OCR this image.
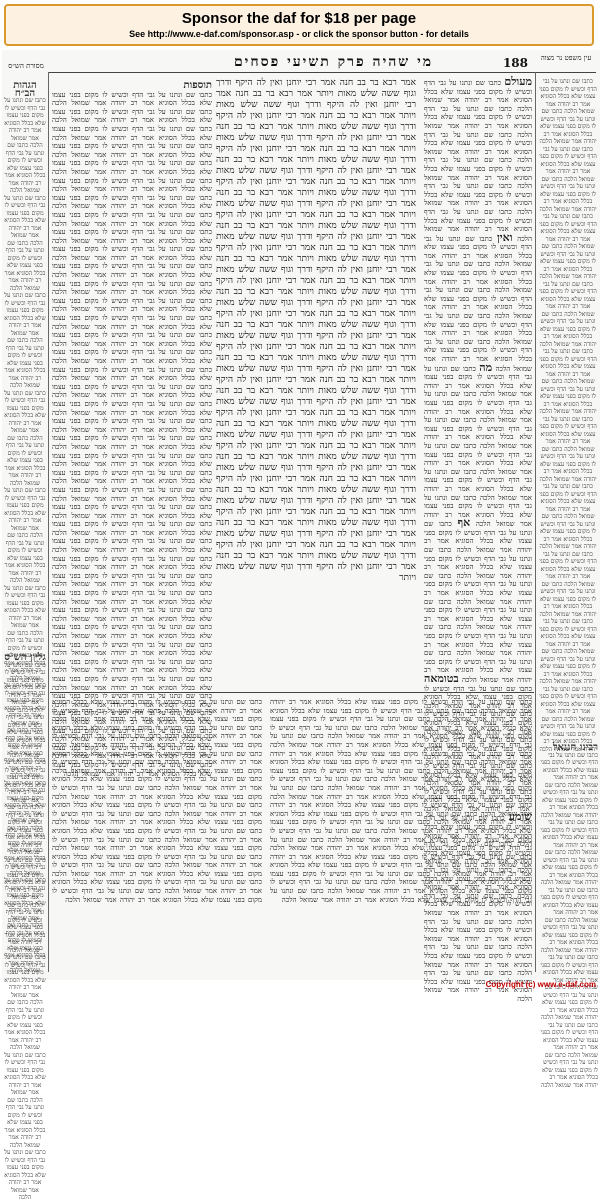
Sponsor the daf for $18 per page
See http://www.e-daf.com/sponsor.asp - or click the sponsor button - for details
עין משפט נר מצוה
188
מי שהיה פרק תשיעי פסחים
מסורת הש״ס
הגהות הב״ח
כתבו שם ונתנו על גבי הדף וכשיש לו מקום בפני עצמו שלא בכלל הסוגיא אמר רב יהודה אמר שמואל הלכה כתבו שם ונתנו על גבי הדף וכשיש לו מקום בפני עצמו שלא בכלל הסוגיא אמר רב יהודה אמר שמואל הלכה כתבו שם ונתנו על גבי הדף וכשיש לו מקום בפני עצמו שלא בכלל הסוגיא אמר רב יהודה אמר שמואל הלכה כתבו שם ונתנו על גבי הדף וכשיש לו מקום בפני עצמו שלא בכלל הסוגיא אמר רב יהודה אמר שמואל הלכה כתבו שם ונתנו על גבי הדף וכשיש לו מקום בפני עצמו שלא בכלל הסוגיא אמר רב יהודה אמר שמואל הלכה כתבו שם ונתנו על גבי הדף וכשיש לו מקום בפני עצמו שלא בכלל הסוגיא אמר רב יהודה אמר שמואל הלכה כתבו שם ונתנו על גבי הדף וכשיש לו מקום בפני עצמו שלא בכלל הסוגיא אמר רב יהודה אמר שמואל הלכה כתבו שם ונתנו על גבי הדף וכשיש לו מקום בפני עצמו שלא בכלל הסוגיא אמר רב יהודה אמר שמואל הלכה כתבו שם ונתנו על גבי הדף וכשיש לו מקום בפני עצמו שלא בכלל הסוגיא אמר רב יהודה אמר שמואל הלכה כתבו שם ונתנו על גבי הדף וכשיש לו מקום בפני עצמו שלא בכלל הסוגיא אמר רב יהודה אמר שמואל הלכה כתבו שם ונתנו על גבי הדף וכשיש לו מקום בפני עצמו שלא בכלל הסוגיא אמר רב יהודה אמר שמואל הלכה כתבו שם ונתנו על גבי הדף וכשיש לו מקום בפני עצמו שלא בכלל הסוגיא אמר רב יהודה אמר שמואל הלכה כתבו שם ונתנו על גבי הדף וכשיש לו מקום בפני עצמו שלא בכלל הסוגיא אמר רב יהודה אמר שמואל הלכה כתבו שם ונתנו על גבי הדף וכשיש לו מקום בפני עצמו שלא בכלל הסוגיא אמר רב יהודה אמר שמואל הלכה כתבו שם ונתנו על גבי הדף וכשיש לו מקום בפני עצמו שלא בכלל הסוגיא אמר רב יהודה אמר שמואל הלכה כתבו שם ונתנו על גבי הדף וכשיש לו מקום בפני עצמו שלא בכלל הסוגיא אמר רב יהודה אמר שמואל הלכה כתבו שם ונתנו על גבי הדף וכשיש לו מקום בפני עצמו שלא בכלל הסוגיא אמר רב יהודה אמר שמואל הלכה כתבו שם ונתנו על גבי הדף וכשיש לו מקום בפני עצמו שלא בכלל הסוגיא אמר רב יהודה אמר שמואל הלכה
גליון הש״ס
כתבו שם ונתנו על גבי הדף וכשיש לו מקום בפני עצמו שלא בכלל הסוגיא אמר רב יהודה אמר שמואל הלכה כתבו שם ונתנו על גבי הדף וכשיש לו מקום בפני עצמו שלא בכלל הסוגיא אמר רב יהודה אמר שמואל הלכה כתבו שם ונתנו על גבי הדף וכשיש לו מקום בפני עצמו שלא בכלל הסוגיא אמר רב יהודה אמר שמואל הלכה כתבו שם ונתנו על גבי הדף וכשיש לו מקום בפני עצמו שלא בכלל הסוגיא אמר רב יהודה אמר שמואל הלכה כתבו שם ונתנו על גבי הדף וכשיש לו מקום בפני עצמו שלא בכלל הסוגיא אמר רב יהודה אמר שמואל הלכה כתבו שם ונתנו על גבי הדף וכשיש לו מקום בפני עצמו שלא בכלל הסוגיא אמר רב יהודה אמר שמואל הלכה כתבו שם ונתנו על גבי הדף וכשיש לו מקום בפני עצמו שלא בכלל הסוגיא אמר רב יהודה אמר שמואל הלכה כתבו שם ונתנו על גבי הדף וכשיש לו מקום בפני עצמו שלא בכלל הסוגיא אמר רב יהודה אמר שמואל הלכה כתבו שם ונתנו על גבי הדף וכשיש לו מקום בפני עצמו שלא בכלל הסוגיא אמר רב יהודה אמר שמואל הלכה כתבו שם ונתנו על גבי הדף וכשיש לו מקום בפני עצמו שלא בכלל הסוגיא אמר רב יהודה אמר שמואל הלכה כתבו שם ונתנו על גבי הדף וכשיש לו מקום בפני עצמו שלא בכלל הסוגיא אמר רב יהודה אמר שמואל הלכה
כתבו שם ונתנו על גבי הדף וכשיש לו מקום בפני עצמו שלא בכלל הסוגיא אמר רב יהודה אמר שמואל הלכה כתבו שם ונתנו על גבי הדף וכשיש לו מקום בפני עצמו שלא בכלל הסוגיא אמר רב יהודה אמר שמואל הלכה כתבו שם ונתנו על גבי הדף וכשיש לו מקום בפני עצמו שלא בכלל הסוגיא אמר רב יהודה אמר שמואל הלכה כתבו שם ונתנו על גבי הדף וכשיש לו מקום בפני עצמו שלא בכלל הסוגיא אמר רב יהודה אמר שמואל הלכה כתבו שם ונתנו על גבי הדף וכשיש לו מקום בפני עצמו שלא בכלל הסוגיא אמר רב יהודה אמר שמואל הלכה כתבו שם ונתנו על גבי הדף וכשיש לו מקום בפני עצמו שלא בכלל הסוגיא אמר רב יהודה אמר שמואל הלכה כתבו שם ונתנו על גבי הדף וכשיש לו מקום בפני עצמו שלא בכלל הסוגיא אמר רב יהודה אמר שמואל הלכה כתבו שם ונתנו על גבי הדף וכשיש לו מקום בפני עצמו שלא בכלל הסוגיא אמר רב יהודה אמר שמואל הלכה כתבו שם ונתנו על גבי הדף וכשיש לו מקום בפני עצמו שלא בכלל הסוגיא אמר רב יהודה אמר שמואל הלכה כתבו שם ונתנו על גבי הדף וכשיש לו מקום בפני עצמו שלא בכלל הסוגיא אמר רב יהודה אמר שמואל הלכה כתבו שם ונתנו על גבי הדף וכשיש לו מקום בפני עצמו שלא בכלל הסוגיא אמר רב יהודה אמר שמואל הלכה כתבו שם ונתנו על גבי הדף וכשיש לו מקום בפני עצמו שלא בכלל הסוגיא אמר רב יהודה אמר שמואל הלכה כתבו שם ונתנו על גבי הדף וכשיש לו מקום בפני עצמו שלא בכלל הסוגיא אמר רב יהודה אמר שמואל הלכה כתבו שם ונתנו על גבי הדף וכשיש לו מקום בפני עצמו שלא בכלל הסוגיא אמר רב יהודה אמר שמואל הלכה כתבו שם ונתנו על גבי הדף וכשיש לו מקום בפני עצמו שלא בכלל הסוגיא אמר רב יהודה אמר שמואל הלכה כתבו שם ונתנו על גבי הדף וכשיש לו מקום בפני עצמו שלא בכלל הסוגיא אמר רב יהודה אמר שמואל הלכה כתבו שם ונתנו על גבי הדף וכשיש לו מקום בפני עצמו שלא בכלל הסוגיא אמר רב יהודה אמר שמואל הלכה כתבו שם ונתנו על גבי הדף וכשיש לו מקום בפני עצמו שלא בכלל הסוגיא אמר רב יהודה אמר שמואל הלכה כתבו שם ונתנו על גבי הדף וכשיש לו מקום בפני עצמו שלא בכלל הסוגיא אמר רב יהודה אמר שמואל הלכה כתבו שם ונתנו על גבי הדף וכשיש לו מקום בפני עצמו שלא בכלל הסוגיא אמר רב יהודה אמר שמואל הלכה
רבינו חננאל
כתבו שם ונתנו על גבי הדף וכשיש לו מקום בפני עצמו שלא בכלל הסוגיא אמר רב יהודה אמר שמואל הלכה כתבו שם ונתנו על גבי הדף וכשיש לו מקום בפני עצמו שלא בכלל הסוגיא אמר רב יהודה אמר שמואל הלכה כתבו שם ונתנו על גבי הדף וכשיש לו מקום בפני עצמו שלא בכלל הסוגיא אמר רב יהודה אמר שמואל הלכה כתבו שם ונתנו על גבי הדף וכשיש לו מקום בפני עצמו שלא בכלל הסוגיא אמר רב יהודה אמר שמואל הלכה כתבו שם ונתנו על גבי הדף וכשיש לו מקום בפני עצמו שלא בכלל הסוגיא אמר רב יהודה אמר שמואל הלכה כתבו שם ונתנו על גבי הדף וכשיש לו מקום בפני עצמו שלא בכלל הסוגיא אמר רב יהודה אמר שמואל הלכה כתבו שם ונתנו על גבי הדף וכשיש לו מקום בפני עצמו שלא בכלל הסוגיא אמר רב יהודה אמר שמואל הלכה כתבו שם ונתנו על גבי הדף וכשיש לו מקום בפני עצמו שלא בכלל הסוגיא אמר רב יהודה אמר שמואל הלכה כתבו שם ונתנו על גבי הדף וכשיש לו מקום בפני עצמו שלא בכלל הסוגיא אמר רב יהודה אמר שמואל הלכה כתבו שם ונתנו על גבי הדף וכשיש לו מקום בפני עצמו שלא בכלל הסוגיא אמר רב יהודה אמר שמואל הלכה
מעולם כתבו שם ונתנו על גבי הדף וכשיש לו מקום בפני עצמו שלא בכלל הסוגיא אמר רב יהודה אמר שמואל הלכה כתבו שם ונתנו על גבי הדף וכשיש לו מקום בפני עצמו שלא בכלל הסוגיא אמר רב יהודה אמר שמואל הלכה כתבו שם ונתנו על גבי הדף וכשיש לו מקום בפני עצמו שלא בכלל הסוגיא אמר רב יהודה אמר שמואל הלכה כתבו שם ונתנו על גבי הדף וכשיש לו מקום בפני עצמו שלא בכלל הסוגיא אמר רב יהודה אמר שמואל הלכה כתבו שם ונתנו על גבי הדף וכשיש לו מקום בפני עצמו שלא בכלל הסוגיא אמר רב יהודה אמר שמואל הלכה כתבו שם ונתנו על גבי הדף וכשיש לו מקום בפני עצמו שלא בכלל הסוגיא אמר רב יהודה אמר שמואל הלכה ואין כתבו שם ונתנו על גבי הדף וכשיש לו מקום בפני עצמו שלא בכלל הסוגיא אמר רב יהודה אמר שמואל הלכה כתבו שם ונתנו על גבי הדף וכשיש לו מקום בפני עצמו שלא בכלל הסוגיא אמר רב יהודה אמר שמואל הלכה כתבו שם ונתנו על גבי הדף וכשיש לו מקום בפני עצמו שלא בכלל הסוגיא אמר רב יהודה אמר שמואל הלכה כתבו שם ונתנו על גבי הדף וכשיש לו מקום בפני עצמו שלא בכלל הסוגיא אמר רב יהודה אמר שמואל הלכה כתבו שם ונתנו על גבי הדף וכשיש לו מקום בפני עצמו שלא בכלל הסוגיא אמר רב יהודה אמר שמואל הלכה מה כתבו שם ונתנו על גבי הדף וכשיש לו מקום בפני עצמו שלא בכלל הסוגיא אמר רב יהודה אמר שמואל הלכה כתבו שם ונתנו על גבי הדף וכשיש לו מקום בפני עצמו שלא בכלל הסוגיא אמר רב יהודה אמר שמואל הלכה כתבו שם ונתנו על גבי הדף וכשיש לו מקום בפני עצמו שלא בכלל הסוגיא אמר רב יהודה אמר שמואל הלכה כתבו שם ונתנו על גבי הדף וכשיש לו מקום בפני עצמו שלא בכלל הסוגיא אמר רב יהודה אמר שמואל הלכה כתבו שם ונתנו על גבי הדף וכשיש לו מקום בפני עצמו שלא בכלל הסוגיא אמר רב יהודה אמר שמואל הלכה כתבו שם ונתנו על גבי הדף וכשיש לו מקום בפני עצמו שלא בכלל הסוגיא אמר רב יהודה אמר שמואל הלכה אף כתבו שם ונתנו על גבי הדף וכשיש לו מקום בפני עצמו שלא בכלל הסוגיא אמר רב יהודה אמר שמואל הלכה כתבו שם ונתנו על גבי הדף וכשיש לו מקום בפני עצמו שלא בכלל הסוגיא אמר רב יהודה אמר שמואל הלכה כתבו שם ונתנו על גבי הדף וכשיש לו מקום בפני עצמו שלא בכלל הסוגיא אמר רב יהודה אמר שמואל הלכה כתבו שם ונתנו על גבי הדף וכשיש לו מקום בפני עצמו שלא בכלל הסוגיא אמר רב יהודה אמר שמואל הלכה כתבו שם ונתנו על גבי הדף וכשיש לו מקום בפני עצמו שלא בכלל הסוגיא אמר רב יהודה אמר שמואל הלכה כתבו שם ונתנו על גבי הדף וכשיש לו מקום בפני עצמו שלא בכלל הסוגיא אמר רב יהודה אמר שמואל הלכה בטומאה כתבו שם ונתנו על גבי הדף וכשיש לו מקום בפני עצמו שלא בכלל הסוגיא אמר רב יהודה אמר שמואל הלכה כתבו שם ונתנו על גבי הדף וכשיש לו מקום בפני עצמו שלא בכלל הסוגיא אמר רב יהודה אמר שמואל הלכה כתבו שם ונתנו על גבי הדף וכשיש לו מקום בפני עצמו שלא בכלל הסוגיא אמר רב יהודה אמר שמואל הלכה כתבו שם ונתנו על גבי הדף וכשיש לו מקום בפני עצמו שלא בכלל הסוגיא אמר רב יהודה אמר שמואל הלכה כתבו שם ונתנו על גבי הדף וכשיש לו מקום בפני עצמו שלא בכלל הסוגיא אמר רב יהודה אמר שמואל הלכה שומע כתבו שם ונתנו על גבי הדף וכשיש לו מקום בפני עצמו שלא בכלל הסוגיא אמר רב יהודה אמר שמואל הלכה כתבו שם ונתנו על גבי הדף וכשיש לו מקום בפני עצמו שלא בכלל הסוגיא אמר רב יהודה אמר שמואל הלכה כתבו שם ונתנו על גבי הדף וכשיש לו מקום בפני עצמו שלא בכלל הסוגיא אמר רב יהודה אמר שמואל הלכה כתבו שם ונתנו על גבי הדף וכשיש לו מקום בפני עצמו שלא בכלל הסוגיא אמר רב יהודה אמר שמואל הלכה כתבו שם ונתנו על גבי הדף וכשיש לו מקום בפני עצמו שלא בכלל הסוגיא אמר רב יהודה אמר שמואל הלכה כתבו שם ונתנו על גבי הדף וכשיש לו מקום בפני עצמו שלא בכלל הסוגיא אמר רב יהודה אמר שמואל הלכה כתבו שם ונתנו על גבי הדף וכשיש לו מקום בפני עצמו שלא בכלל הסוגיא אמר רב יהודה אמר שמואל הלכה
אמר רבא בר בב חנה אמר רבי יוחנן ואין לה היקף ודרך וגוף ששה שלש מאות ויותר אמר רבא בר בב חנה אמר רבי יוחנן ואין לה היקף ודרך וגוף ששה שלש מאות ויותר אמר רבא בר בב חנה אמר רבי יוחנן ואין לה היקף ודרך וגוף ששה שלש מאות ויותר אמר רבא בר בב חנה אמר רבי יוחנן ואין לה היקף ודרך וגוף ששה שלש מאות ויותר אמר רבא בר בב חנה אמר רבי יוחנן ואין לה היקף ודרך וגוף ששה שלש מאות ויותר אמר רבא בר בב חנה אמר רבי יוחנן ואין לה היקף ודרך וגוף ששה שלש מאות ויותר אמר רבא בר בב חנה אמר רבי יוחנן ואין לה היקף ודרך וגוף ששה שלש מאות ויותר אמר רבא בר בב חנה אמר רבי יוחנן ואין לה היקף ודרך וגוף ששה שלש מאות ויותר אמר רבא בר בב חנה אמר רבי יוחנן ואין לה היקף ודרך וגוף ששה שלש מאות ויותר אמר רבא בר בב חנה אמר רבי יוחנן ואין לה היקף ודרך וגוף ששה שלש מאות ויותר אמר רבא בר בב חנה אמר רבי יוחנן ואין לה היקף ודרך וגוף ששה שלש מאות ויותר אמר רבא בר בב חנה אמר רבי יוחנן ואין לה היקף ודרך וגוף ששה שלש מאות ויותר אמר רבא בר בב חנה אמר רבי יוחנן ואין לה היקף ודרך וגוף ששה שלש מאות ויותר אמר רבא בר בב חנה אמר רבי יוחנן ואין לה היקף ודרך וגוף ששה שלש מאות ויותר אמר רבא בר בב חנה אמר רבי יוחנן ואין לה היקף ודרך וגוף ששה שלש מאות ויותר אמר רבא בר בב חנה אמר רבי יוחנן ואין לה היקף ודרך וגוף ששה שלש מאות ויותר אמר רבא בר בב חנה אמר רבי יוחנן ואין לה היקף ודרך וגוף ששה שלש מאות ויותר אמר רבא בר בב חנה אמר רבי יוחנן ואין לה היקף ודרך וגוף ששה שלש מאות ויותר אמר רבא בר בב חנה אמר רבי יוחנן ואין לה היקף ודרך וגוף ששה שלש מאות ויותר אמר רבא בר בב חנה אמר רבי יוחנן ואין לה היקף ודרך וגוף ששה שלש מאות ויותר אמר רבא בר בב חנה אמר רבי יוחנן ואין לה היקף ודרך וגוף ששה שלש מאות ויותר אמר רבא בר בב חנה אמר רבי יוחנן ואין לה היקף ודרך וגוף ששה שלש מאות ויותר אמר רבא בר בב חנה אמר רבי יוחנן ואין לה היקף ודרך וגוף ששה שלש מאות ויותר אמר רבא בר בב חנה אמר רבי יוחנן ואין לה היקף ודרך וגוף ששה שלש מאות ויותר אמר רבא בר בב חנה אמר רבי יוחנן ואין לה היקף ודרך וגוף ששה שלש מאות ויותר אמר רבא בר בב חנה אמר רבי יוחנן ואין לה היקף ודרך וגוף ששה שלש מאות ויותר אמר רבא בר בב חנה אמר רבי יוחנן ואין לה היקף ודרך וגוף ששה שלש מאות ויותר אמר רבא בר בב חנה אמר רבי יוחנן ואין לה היקף ודרך וגוף ששה שלש מאות ויותר אמר רבא בר בב חנה אמר רבי יוחנן ואין לה היקף ודרך וגוף ששה שלש מאות ויותר אמר רבא בר בב חנה אמר רבי יוחנן ואין לה היקף ודרך וגוף ששה שלש מאות ויותר
תוספות
כתבו שם ונתנו על גבי הדף וכשיש לו מקום בפני עצמו שלא בכלל הסוגיא אמר רב יהודה אמר שמואל הלכה כתבו שם ונתנו על גבי הדף וכשיש לו מקום בפני עצמו שלא בכלל הסוגיא אמר רב יהודה אמר שמואל הלכה כתבו שם ונתנו על גבי הדף וכשיש לו מקום בפני עצמו שלא בכלל הסוגיא אמר רב יהודה אמר שמואל הלכה כתבו שם ונתנו על גבי הדף וכשיש לו מקום בפני עצמו שלא בכלל הסוגיא אמר רב יהודה אמר שמואל הלכה כתבו שם ונתנו על גבי הדף וכשיש לו מקום בפני עצמו שלא בכלל הסוגיא אמר רב יהודה אמר שמואל הלכה כתבו שם ונתנו על גבי הדף וכשיש לו מקום בפני עצמו שלא בכלל הסוגיא אמר רב יהודה אמר שמואל הלכה כתבו שם ונתנו על גבי הדף וכשיש לו מקום בפני עצמו שלא בכלל הסוגיא אמר רב יהודה אמר שמואל הלכה כתבו שם ונתנו על גבי הדף וכשיש לו מקום בפני עצמו שלא בכלל הסוגיא אמר רב יהודה אמר שמואל הלכה כתבו שם ונתנו על גבי הדף וכשיש לו מקום בפני עצמו שלא בכלל הסוגיא אמר רב יהודה אמר שמואל הלכה כתבו שם ונתנו על גבי הדף וכשיש לו מקום בפני עצמו שלא בכלל הסוגיא אמר רב יהודה אמר שמואל הלכה כתבו שם ונתנו על גבי הדף וכשיש לו מקום בפני עצמו שלא בכלל הסוגיא אמר רב יהודה אמר שמואל הלכה כתבו שם ונתנו על גבי הדף וכשיש לו מקום בפני עצמו שלא בכלל הסוגיא אמר רב יהודה אמר שמואל הלכה כתבו שם ונתנו על גבי הדף וכשיש לו מקום בפני עצמו שלא בכלל הסוגיא אמר רב יהודה אמר שמואל הלכה כתבו שם ונתנו על גבי הדף וכשיש לו מקום בפני עצמו שלא בכלל הסוגיא אמר רב יהודה אמר שמואל הלכה כתבו שם ונתנו על גבי הדף וכשיש לו מקום בפני עצמו שלא בכלל הסוגיא אמר רב יהודה אמר שמואל הלכה כתבו שם ונתנו על גבי הדף וכשיש לו מקום בפני עצמו שלא בכלל הסוגיא אמר רב יהודה אמר שמואל הלכה כתבו שם ונתנו על גבי הדף וכשיש לו מקום בפני עצמו שלא בכלל הסוגיא אמר רב יהודה אמר שמואל הלכה כתבו שם ונתנו על גבי הדף וכשיש לו מקום בפני עצמו שלא בכלל הסוגיא אמר רב יהודה אמר שמואל הלכה כתבו שם ונתנו על גבי הדף וכשיש לו מקום בפני עצמו שלא בכלל הסוגיא אמר רב יהודה אמר שמואל הלכה כתבו שם ונתנו על גבי הדף וכשיש לו מקום בפני עצמו שלא בכלל הסוגיא אמר רב יהודה אמר שמואל הלכה כתבו שם ונתנו על גבי הדף וכשיש לו מקום בפני עצמו שלא בכלל הסוגיא אמר רב יהודה אמר שמואל הלכה כתבו שם ונתנו על גבי הדף וכשיש לו מקום בפני עצמו שלא בכלל הסוגיא אמר רב יהודה אמר שמואל הלכה כתבו שם ונתנו על גבי הדף וכשיש לו מקום בפני עצמו שלא בכלל הסוגיא אמר רב יהודה אמר שמואל הלכה כתבו שם ונתנו על גבי הדף וכשיש לו מקום בפני עצמו שלא בכלל הסוגיא אמר רב יהודה אמר שמואל הלכה כתבו שם ונתנו על גבי הדף וכשיש לו מקום בפני עצמו שלא בכלל הסוגיא אמר רב יהודה אמר שמואל הלכה כתבו שם ונתנו על גבי הדף וכשיש לו מקום בפני עצמו שלא בכלל הסוגיא אמר רב יהודה אמר שמואל הלכה כתבו שם ונתנו על גבי הדף וכשיש לו מקום בפני עצמו שלא בכלל הסוגיא אמר רב יהודה אמר שמואל הלכה כתבו שם ונתנו על גבי הדף וכשיש לו מקום בפני עצמו שלא בכלל הסוגיא אמר רב יהודה אמר שמואל הלכה כתבו שם ונתנו על גבי הדף וכשיש לו מקום בפני עצמו שלא בכלל הסוגיא אמר רב יהודה אמר שמואל הלכה כתבו שם ונתנו על גבי הדף וכשיש לו מקום בפני עצמו שלא בכלל הסוגיא אמר רב יהודה אמר שמואל הלכה כתבו שם ונתנו על גבי הדף וכשיש לו מקום בפני עצמו שלא בכלל הסוגיא אמר רב יהודה אמר שמואל הלכה כתבו שם ונתנו על גבי הדף וכשיש לו מקום בפני עצמו שלא בכלל הסוגיא אמר רב יהודה אמר שמואל הלכה כתבו שם ונתנו על גבי הדף וכשיש לו מקום בפני עצמו שלא בכלל הסוגיא אמר רב יהודה אמר שמואל הלכה כתבו שם ונתנו על גבי הדף וכשיש לו מקום בפני עצמו שלא בכלל הסוגיא אמר רב יהודה אמר שמואל הלכה כתבו שם ונתנו על גבי הדף וכשיש לו מקום בפני עצמו שלא בכלל הסוגיא אמר רב יהודה אמר שמואל הלכה כתבו שם ונתנו על גבי הדף וכשיש לו מקום בפני עצמו שלא בכלל הסוגיא אמר רב יהודה אמר שמואל הלכה כתבו שם ונתנו על גבי הדף וכשיש לו מקום בפני עצמו שלא בכלל הסוגיא אמר רב יהודה אמר שמואל הלכה כתבו שם ונתנו על גבי הדף וכשיש לו מקום בפני עצמו שלא בכלל הסוגיא אמר רב יהודה אמר שמואל הלכה כתבו שם ונתנו על גבי הדף וכשיש לו מקום בפני עצמו שלא בכלל הסוגיא אמר רב יהודה אמר שמואל הלכה כתבו שם ונתנו על גבי הדף וכשיש לו מקום בפני עצמו שלא בכלל הסוגיא אמר רב יהודה אמר שמואל הלכה
כתבו שם ונתנו על גבי הדף וכשיש לו מקום בפני עצמו שלא בכלל הסוגיא אמר רב יהודה אמר שמואל הלכה כתבו שם ונתנו על גבי הדף וכשיש לו מקום בפני עצמו שלא בכלל הסוגיא אמר רב יהודה אמר שמואל הלכה כתבו שם ונתנו על גבי הדף וכשיש לו מקום בפני עצמו שלא בכלל הסוגיא אמר רב יהודה אמר שמואל הלכה כתבו שם ונתנו על גבי הדף וכשיש לו מקום בפני עצמו שלא בכלל הסוגיא אמר רב יהודה אמר שמואל הלכה כתבו שם ונתנו על גבי הדף וכשיש לו מקום בפני עצמו שלא בכלל הסוגיא אמר רב יהודה אמר שמואל הלכה כתבו שם ונתנו על גבי הדף וכשיש לו מקום בפני עצמו שלא בכלל הסוגיא אמר רב יהודה אמר שמואל הלכה כתבו שם ונתנו על גבי הדף וכשיש לו מקום בפני עצמו שלא בכלל הסוגיא אמר רב יהודה אמר שמואל הלכה כתבו שם ונתנו על גבי הדף וכשיש לו מקום בפני עצמו שלא בכלל הסוגיא אמר רב יהודה אמר שמואל הלכה כתבו שם ונתנו על גבי הדף וכשיש לו מקום בפני עצמו שלא בכלל הסוגיא אמר רב יהודה אמר שמואל הלכה כתבו שם ונתנו על גבי הדף וכשיש לו מקום בפני עצמו שלא בכלל הסוגיא אמר רב יהודה אמר שמואל הלכה כתבו שם ונתנו על גבי הדף וכשיש לו מקום בפני עצמו שלא בכלל הסוגיא אמר רב יהודה אמר שמואל הלכה כתבו שם ונתנו על גבי הדף וכשיש לו מקום בפני עצמו שלא בכלל הסוגיא אמר רב יהודה אמר שמואל הלכה כתבו שם ונתנו על גבי הדף וכשיש לו מקום בפני עצמו שלא בכלל הסוגיא אמר רב יהודה אמר שמואל הלכה כתבו שם ונתנו על גבי הדף וכשיש לו מקום בפני עצמו שלא בכלל הסוגיא אמר רב יהודה אמר שמואל הלכה כתבו שם ונתנו על גבי הדף וכשיש לו מקום בפני עצמו שלא בכלל הסוגיא אמר רב יהודה אמר שמואל הלכה כתבו שם ונתנו על גבי הדף וכשיש לו מקום בפני עצמו שלא בכלל הסוגיא אמר רב יהודה אמר שמואל הלכה כתבו שם ונתנו על גבי הדף וכשיש לו מקום בפני עצמו שלא בכלל הסוגיא אמר רב יהודה אמר שמואל הלכה כתבו שם ונתנו על גבי הדף וכשיש לו מקום בפני עצמו שלא בכלל הסוגיא אמר רב יהודה אמר שמואל הלכה כתבו שם ונתנו על גבי הדף וכשיש לו מקום בפני עצמו שלא בכלל הסוגיא אמר רב יהודה אמר שמואל הלכה כתבו שם ונתנו על גבי הדף וכשיש לו מקום בפני עצמו שלא בכלל הסוגיא אמר רב יהודה אמר שמואל הלכה
כתבו שם ונתנו על גבי הדף וכשיש לו מקום בפני עצמו שלא בכלל הסוגיא אמר רב יהודה אמר שמואל הלכה כתבו שם ונתנו על גבי הדף וכשיש לו מקום בפני עצמו שלא בכלל הסוגיא אמר רב יהודה אמר שמואל הלכה כתבו שם ונתנו על גבי הדף וכשיש לו מקום בפני עצמו שלא בכלל הסוגיא אמר רב יהודה אמר שמואל הלכה כתבו שם ונתנו על גבי הדף וכשיש לו מקום בפני עצמו שלא בכלל הסוגיא אמר רב יהודה אמר שמואל הלכה כתבו שם ונתנו על גבי הדף וכשיש לו מקום בפני עצמו שלא בכלל הסוגיא אמר רב יהודה אמר שמואל הלכה כתבו שם ונתנו על גבי הדף וכשיש לו מקום בפני עצמו שלא בכלל הסוגיא אמר רב יהודה אמר שמואל הלכה כתבו שם ונתנו על גבי הדף וכשיש לו מקום בפני עצמו שלא בכלל הסוגיא אמר רב יהודה אמר שמואל הלכה כתבו שם ונתנו על גבי הדף וכשיש לו מקום בפני עצמו שלא בכלל הסוגיא אמר רב יהודה אמר שמואל הלכה כתבו שם ונתנו על גבי הדף וכשיש לו מקום בפני עצמו שלא בכלל הסוגיא אמר רב יהודה אמר שמואל הלכה כתבו שם ונתנו על גבי הדף וכשיש לו מקום בפני עצמו שלא בכלל הסוגיא אמר רב יהודה אמר שמואל הלכה כתבו שם ונתנו על גבי הדף וכשיש לו מקום בפני עצמו שלא בכלל הסוגיא אמר רב יהודה אמר שמואל הלכה כתבו שם ונתנו על גבי הדף וכשיש לו מקום בפני עצמו שלא בכלל הסוגיא אמר רב יהודה אמר שמואל הלכה כתבו שם ונתנו על גבי הדף וכשיש לו מקום בפני עצמו שלא בכלל הסוגיא אמר רב יהודה אמר שמואל הלכה כתבו שם ונתנו על גבי הדף וכשיש לו מקום בפני עצמו שלא בכלל הסוגיא אמר רב יהודה אמר שמואל הלכה כתבו שם ונתנו על גבי הדף וכשיש לו מקום בפני עצמו שלא בכלל הסוגיא אמר רב יהודה אמר שמואל הלכה כתבו שם ונתנו על גבי הדף וכשיש לו מקום בפני עצמו שלא בכלל הסוגיא אמר רב יהודה אמר שמואל הלכה
Copyright (c) www.e-daf.com
